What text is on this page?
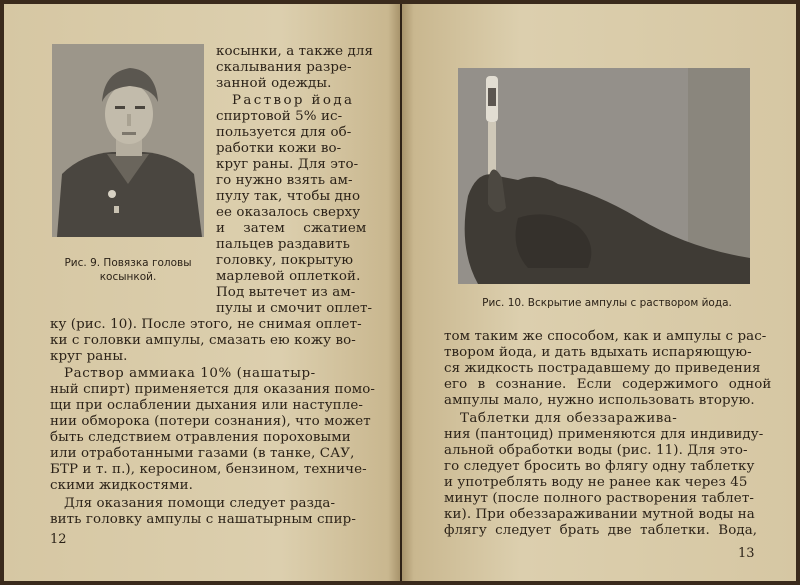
Рис. 9. Повязка головы
косынкой.
косынки, а также для
скалывания разре-
занной одежды.
Раствор йода
спиртовой 5% ис-
пользуется для об-
работки кожи во-
круг раны. Для это-
го нужно взять ам-
пулу так, чтобы дно
ее оказалось сверху
и затем сжатием
пальцев раздавить
головку, покрытую
марлевой оплеткой.
Под вытечет из ам-
пулы и смочит оплет-
ку (рис. 10). После этого, не снимая оплет-
ки с головки ампулы, смазать ею кожу во-
круг раны.
Раствор аммиака 10% (нашатыр-
ный спирт) применяется для оказания помо-
щи при ослаблении дыхания или наступле-
нии обморока (потери сознания), что может
быть следствием отравления пороховыми
или отработанными газами (в танке, САУ,
БТР и т. п.), керосином, бензином, техниче-
скими жидкостями.
Для оказания помощи следует разда-
вить головку ампулы с нашатырным спир-
12
Рис. 10. Вскрытие ампулы с раствором йода.
том таким же способом, как и ампулы с рас-
твором йода, и дать вдыхать испаряющую-
ся жидкость пострадавшему до приведения
его в сознание. Если содержимого одной
ампулы мало, нужно использовать вторую.
Таблетки для обеззаражива-
ния (пантоцид) применяются для индивиду-
альной обработки воды (рис. 11). Для это-
го следует бросить во флягу одну таблетку
и употреблять воду не ранее как через 45
минут (после полного растворения таблет-
ки). При обеззараживании мутной воды на
флягу следует брать две таблетки. Вода,
13
